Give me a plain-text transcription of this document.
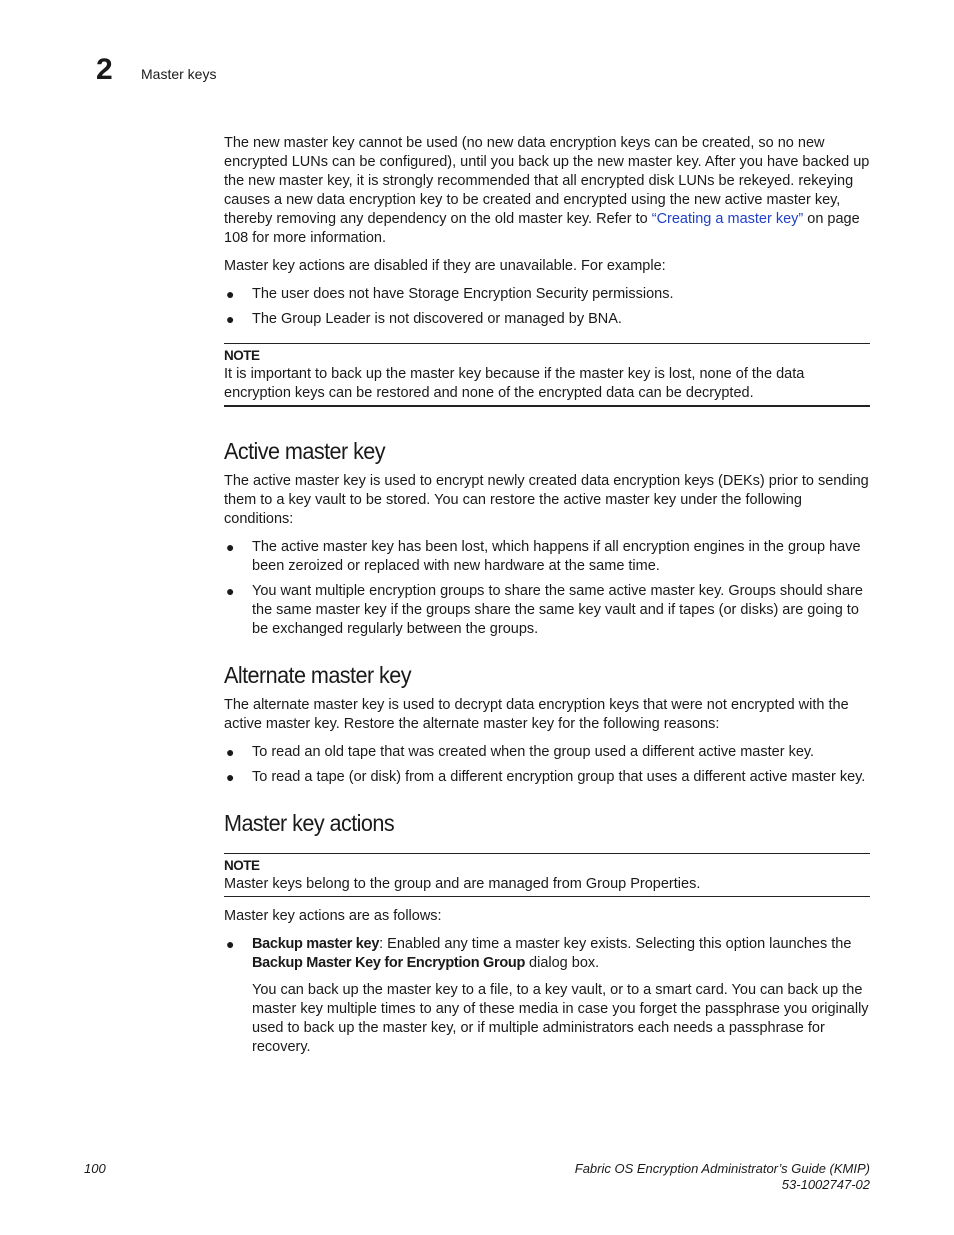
2 Master keys

The new master key cannot be used (no new data encryption keys can be created, so no new encrypted LUNs can be configured), until you back up the new master key. After you have backed up the new master key, it is strongly recommended that all encrypted disk LUNs be rekeyed. rekeying causes a new data encryption key to be created and encrypted using the new active master key, thereby removing any dependency on the old master key. Refer to “Creating a master key” on page 108 for more information.

Master key actions are disabled if they are unavailable. For example:

● The user does not have Storage Encryption Security permissions.
● The Group Leader is not discovered or managed by BNA.
NOTE
It is important to back up the master key because if the master key is lost, none of the data encryption keys can be restored and none of the encrypted data can be decrypted.
Active master key

The active master key is used to encrypt newly created data encryption keys (DEKs) prior to sending them to a key vault to be stored. You can restore the active master key under the following conditions:

● The active master key has been lost, which happens if all encryption engines in the group have been zeroized or replaced with new hardware at the same time.
● You want multiple encryption groups to share the same active master key. Groups should share the same master key if the groups share the same key vault and if tapes (or disks) are going to be exchanged regularly between the groups.
Alternate master key

The alternate master key is used to decrypt data encryption keys that were not encrypted with the active master key. Restore the alternate master key for the following reasons:

● To read an old tape that was created when the group used a different active master key.
● To read a tape (or disk) from a different encryption group that uses a different active master key.
Master key actions
NOTE
Master keys belong to the group and are managed from Group Properties.

Master key actions are as follows:

● Backup master key: Enabled any time a master key exists. Selecting this option launches the Backup Master Key for Encryption Group dialog box.

You can back up the master key to a file, to a key vault, or to a smart card. You can back up the master key multiple times to any of these media in case you forget the passphrase you originally used to back up the master key, or if multiple administrators each needs a passphrase for recovery.

100	Fabric OS Encryption Administrator’s Guide (KMIP)
53-1002747-02
